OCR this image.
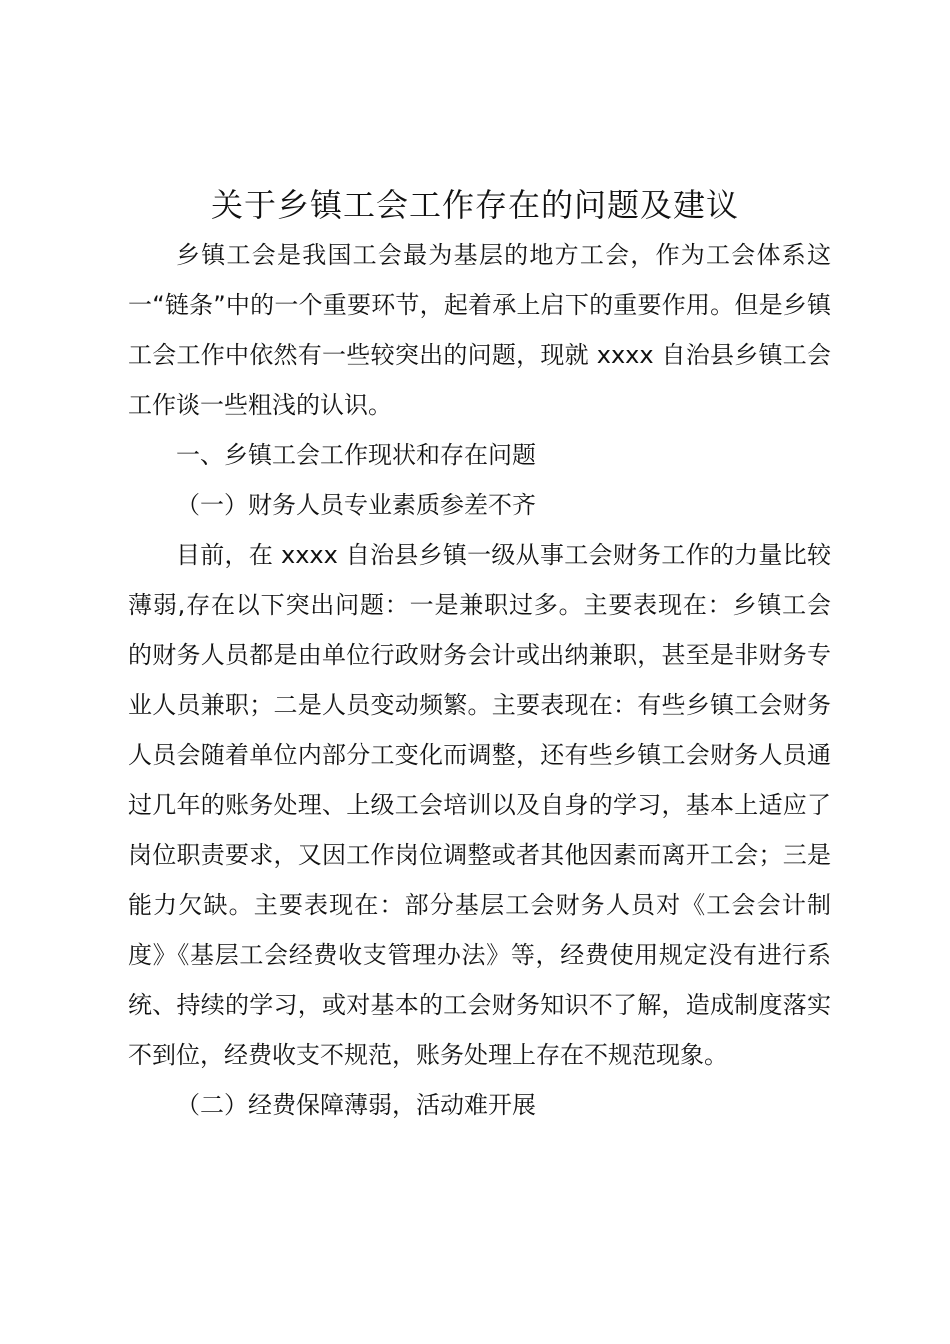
关于乡镇工会工作存在的问题及建议

乡镇工会是我国工会最为基层的地方工会，作为工会体系这一“链条”中的一个重要环节，起着承上启下的重要作用。但是乡镇工会工作中依然有一些较突出的问题，现就 xxxx 自治县乡镇工会工作谈一些粗浅的认识。

一、乡镇工会工作现状和存在问题

（一）财务人员专业素质参差不齐

目前，在 xxxx 自治县乡镇一级从事工会财务工作的力量比较薄弱,存在以下突出问题：一是兼职过多。主要表现在：乡镇工会的财务人员都是由单位行政财务会计或出纳兼职，甚至是非财务专业人员兼职；二是人员变动频繁。主要表现在：有些乡镇工会财务人员会随着单位内部分工变化而调整，还有些乡镇工会财务人员通过几年的账务处理、上级工会培训以及自身的学习，基本上适应了岗位职责要求，又因工作岗位调整或者其他因素而离开工会；三是能力欠缺。主要表现在：部分基层工会财务人员对《工会会计制度》《基层工会经费收支管理办法》等，经费使用规定没有进行系统、持续的学习，或对基本的工会财务知识不了解，造成制度落实不到位，经费收支不规范，账务处理上存在不规范现象。

（二）经费保障薄弱，活动难开展
